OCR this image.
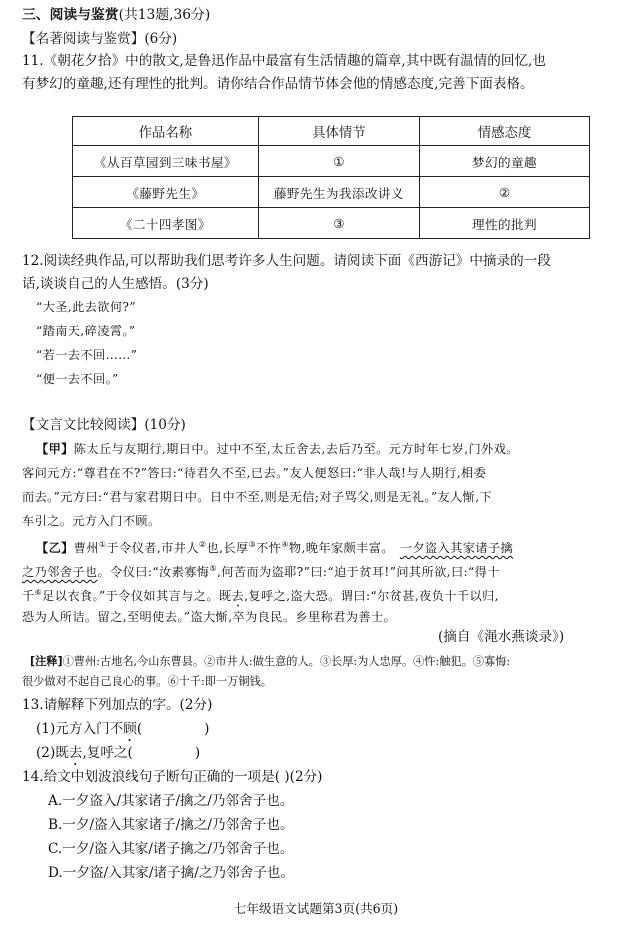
三、阅读与鉴赏(共13题,36分)
【名著阅读与鉴赏】(6分)
11.《朝花夕拾》中的散文,是鲁迅作品中最富有生活情趣的篇章,其中既有温情的回忆,也
有梦幻的童趣,还有理性的批判。请你结合作品情节体会他的情感态度,完善下面表格。
作品名称	具体情节	情感态度
《从百草园到三味书屋》	①	梦幻的童趣
《藤野先生》	藤野先生为我添改讲义	②
《二十四孝图》	③	理性的批判
12.阅读经典作品,可以帮助我们思考许多人生问题。请阅读下面《西游记》中摘录的一段
话,谈谈自己的人生感悟。(3分)
“大圣,此去欲何?”
“踏南天,碎凌霄。”
“若一去不回……”
“便一去不回。”
【文言文比较阅读】(10分)
【甲】陈太丘与友期行,期日中。过中不至,太丘舍去,去后乃至。元方时年七岁,门外戏。
客问元方:“尊君在不?”答曰:“待君久不至,已去。”友人便怒曰:“非人哉!与人期行,相委
而去。”元方曰:“君与家君期日中。日中不至,则是无信;对子骂父,则是无礼。”友人惭,下
车引之。元方入门不顾。
【乙】曹州①于令仪者,市井人②也,长厚③不忤④物,晚年家颇丰富。 一夕盗入其家诸子擒
之乃邻舍子也。令仪曰:“汝素寡悔⑤,何苦而为盗耶?”曰:“迫于贫耳!”问其所欲,曰:“得十
千⑥足以衣食。”于令仪如其言与之。既去,复呼之,盗大恐。谓曰:“尔贫甚,夜负十千以归,
恐为人所诘。留之,至明使去。”盗大惭,卒为良民。乡里称君为善士。
(摘自《渑水燕谈录》)
[注释]①曹州:古地名,今山东曹县。②市井人:做生意的人。③长厚:为人忠厚。④忤:触犯。⑤寡悔:
很少做对不起自己良心的事。⑥十千:即一万铜钱。
13.请解释下列加点的字。(2分)
(1)元方入门不顾(	)
(2)既去,复呼之(	)
14.给文中划波浪线句子断句正确的一项是( )(2分)
A.一夕盗入/其家诸子/擒之/乃邻舍子也。
B.一夕/盗入其家诸子/擒之/乃邻舍子也。
C.一夕/盗入其家/诸子擒之/乃邻舍子也。
D.一夕盗/入其家/诸子擒/之乃邻舍子也。
七年级语文试题第3页(共6页)
